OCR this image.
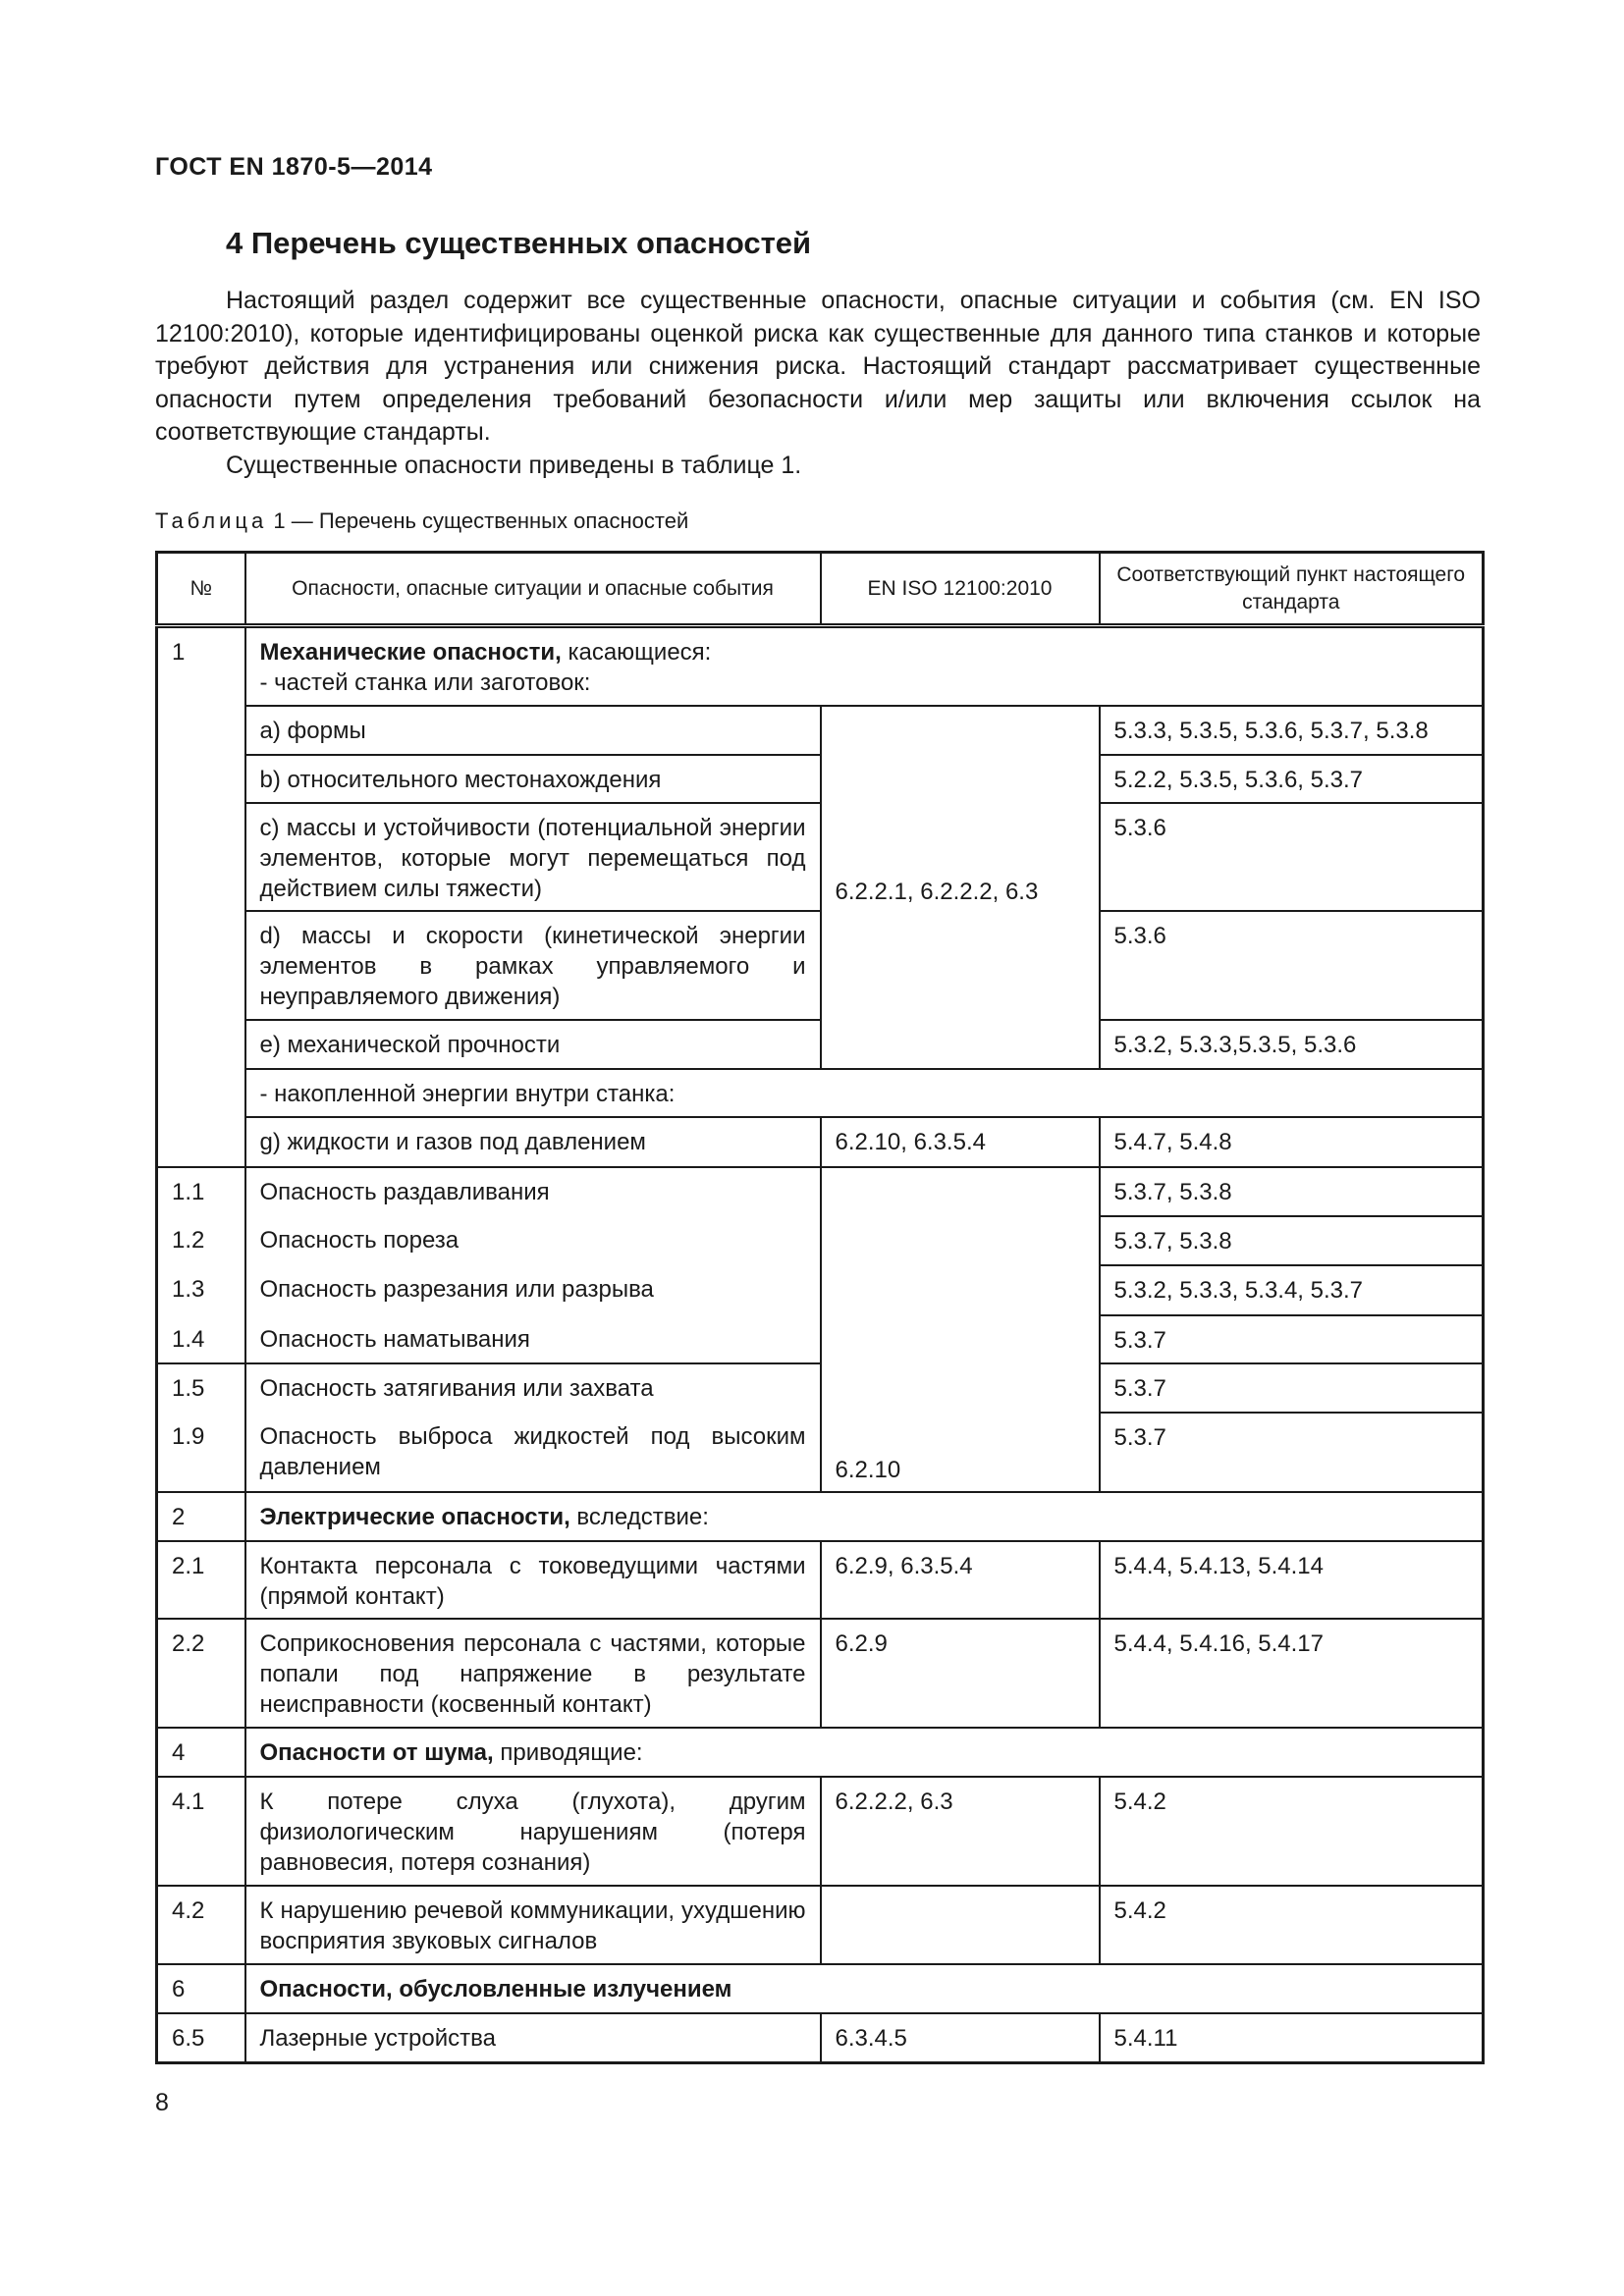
ГОСТ EN 1870-5—2014
4 Перечень существенных опасностей
Настоящий раздел содержит все существенные опасности, опасные ситуации и события (см. EN ISO 12100:2010), которые идентифицированы оценкой риска как существенные для данного типа станков и которые требуют действия для устранения или снижения риска. Настоящий стандарт рассматривает существенные опасности путем определения требований безопасности и/или мер защиты или включения ссылок на соответствующие стандарты.
Существенные опасности приведены в таблице 1.
Таблица 1 — Перечень существенных опасностей
№	Опасности, опасные ситуации и опасные события	EN ISO 12100:2010	Соответствующий пункт настоящего стандарта
1	Механические опасности, касающиеся:
- частей станка или заготовок:		
	a) формы	6.2.2.1, 6.2.2.2, 6.3	5.3.3, 5.3.5, 5.3.6, 5.3.7, 5.3.8
	b) относительного местонахождения		5.2.2, 5.3.5, 5.3.6, 5.3.7
	c) массы и устойчивости (потенциальной энергии элементов, которые могут перемещаться под действием силы тяжести)		5.3.6
	d) массы и скорости (кинетической энергии элементов в рамках управляемого и неуправляемого движения)		5.3.6
	e) механической прочности		5.3.2, 5.3.3,5.3.5, 5.3.6
	- накопленной энергии внутри станка:		
	g) жидкости и газов под давлением	6.2.10, 6.3.5.4	5.4.7, 5.4.8
1.1	Опасность раздавливания	6.2.10	5.3.7, 5.3.8
1.2	Опасность пореза		5.3.7, 5.3.8
1.3	Опасность разрезания или разрыва		5.3.2, 5.3.3, 5.3.4, 5.3.7
1.4	Опасность наматывания		5.3.7
1.5	Опасность затягивания или захвата		5.3.7
1.9	Опасность выброса жидкостей под высоким давлением		5.3.7
2	Электрические опасности, вследствие:		
2.1	Контакта персонала с токоведущими частями (прямой контакт)	6.2.9, 6.3.5.4	5.4.4, 5.4.13, 5.4.14
2.2	Соприкосновения персонала с частями, которые попали под напряжение в результате неисправности (косвенный контакт)	6.2.9	5.4.4, 5.4.16, 5.4.17
4	Опасности от шума, приводящие:		
4.1	К потере слуха (глухота), другим физиологическим нарушениям (потеря равновесия, потеря сознания)	6.2.2.2, 6.3	5.4.2
4.2	К нарушению речевой коммуникации, ухудшению восприятия звуковых сигналов		5.4.2
6	Опасности, обусловленные излучением		
6.5	Лазерные устройства	6.3.4.5	5.4.11
8
